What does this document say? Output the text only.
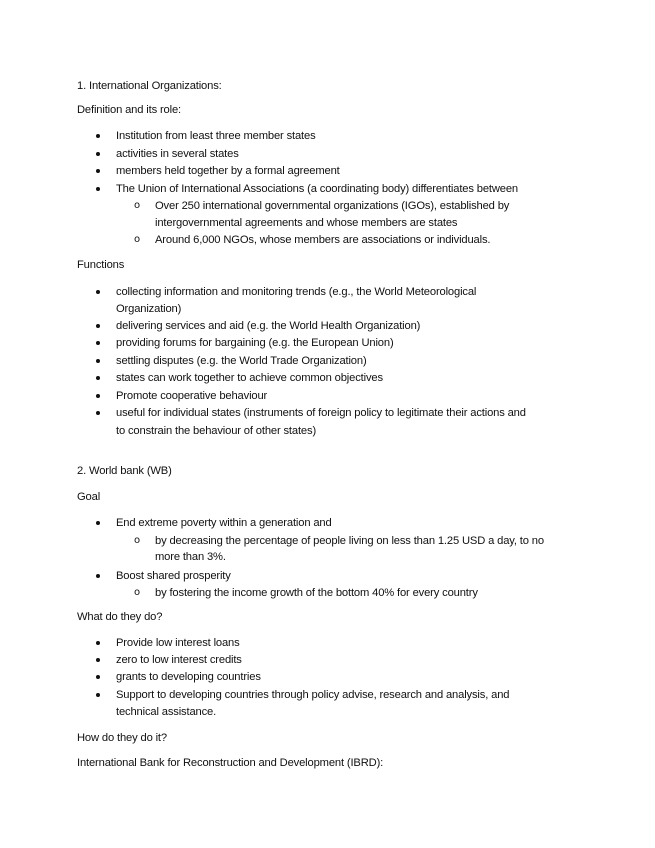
1. International Organizations:
Definition and its role:
Institution from least three member states
activities in several states
members held together by a formal agreement
The Union of International Associations (a coordinating body) differentiates between
o Over 250 international governmental organizations (IGOs), established by
intergovernmental agreements and whose members are states
o Around 6,000 NGOs, whose members are associations or individuals.
Functions
collecting information and monitoring trends (e.g., the World Meteorological
Organization)
delivering services and aid (e.g. the World Health Organization)
providing forums for bargaining (e.g. the European Union)
settling disputes (e.g. the World Trade Organization)
states can work together to achieve common objectives
Promote cooperative behaviour
useful for individual states (instruments of foreign policy to legitimate their actions and
to constrain the behaviour of other states)
2. World bank (WB)
Goal
End extreme poverty within a generation and
o by decreasing the percentage of people living on less than 1.25 USD a day, to no
more than 3%.
Boost shared prosperity
o by fostering the income growth of the bottom 40% for every country
What do they do?
Provide low interest loans
zero to low interest credits
grants to developing countries
Support to developing countries through policy advise, research and analysis, and
technical assistance.
How do they do it?
International Bank for Reconstruction and Development (IBRD):
